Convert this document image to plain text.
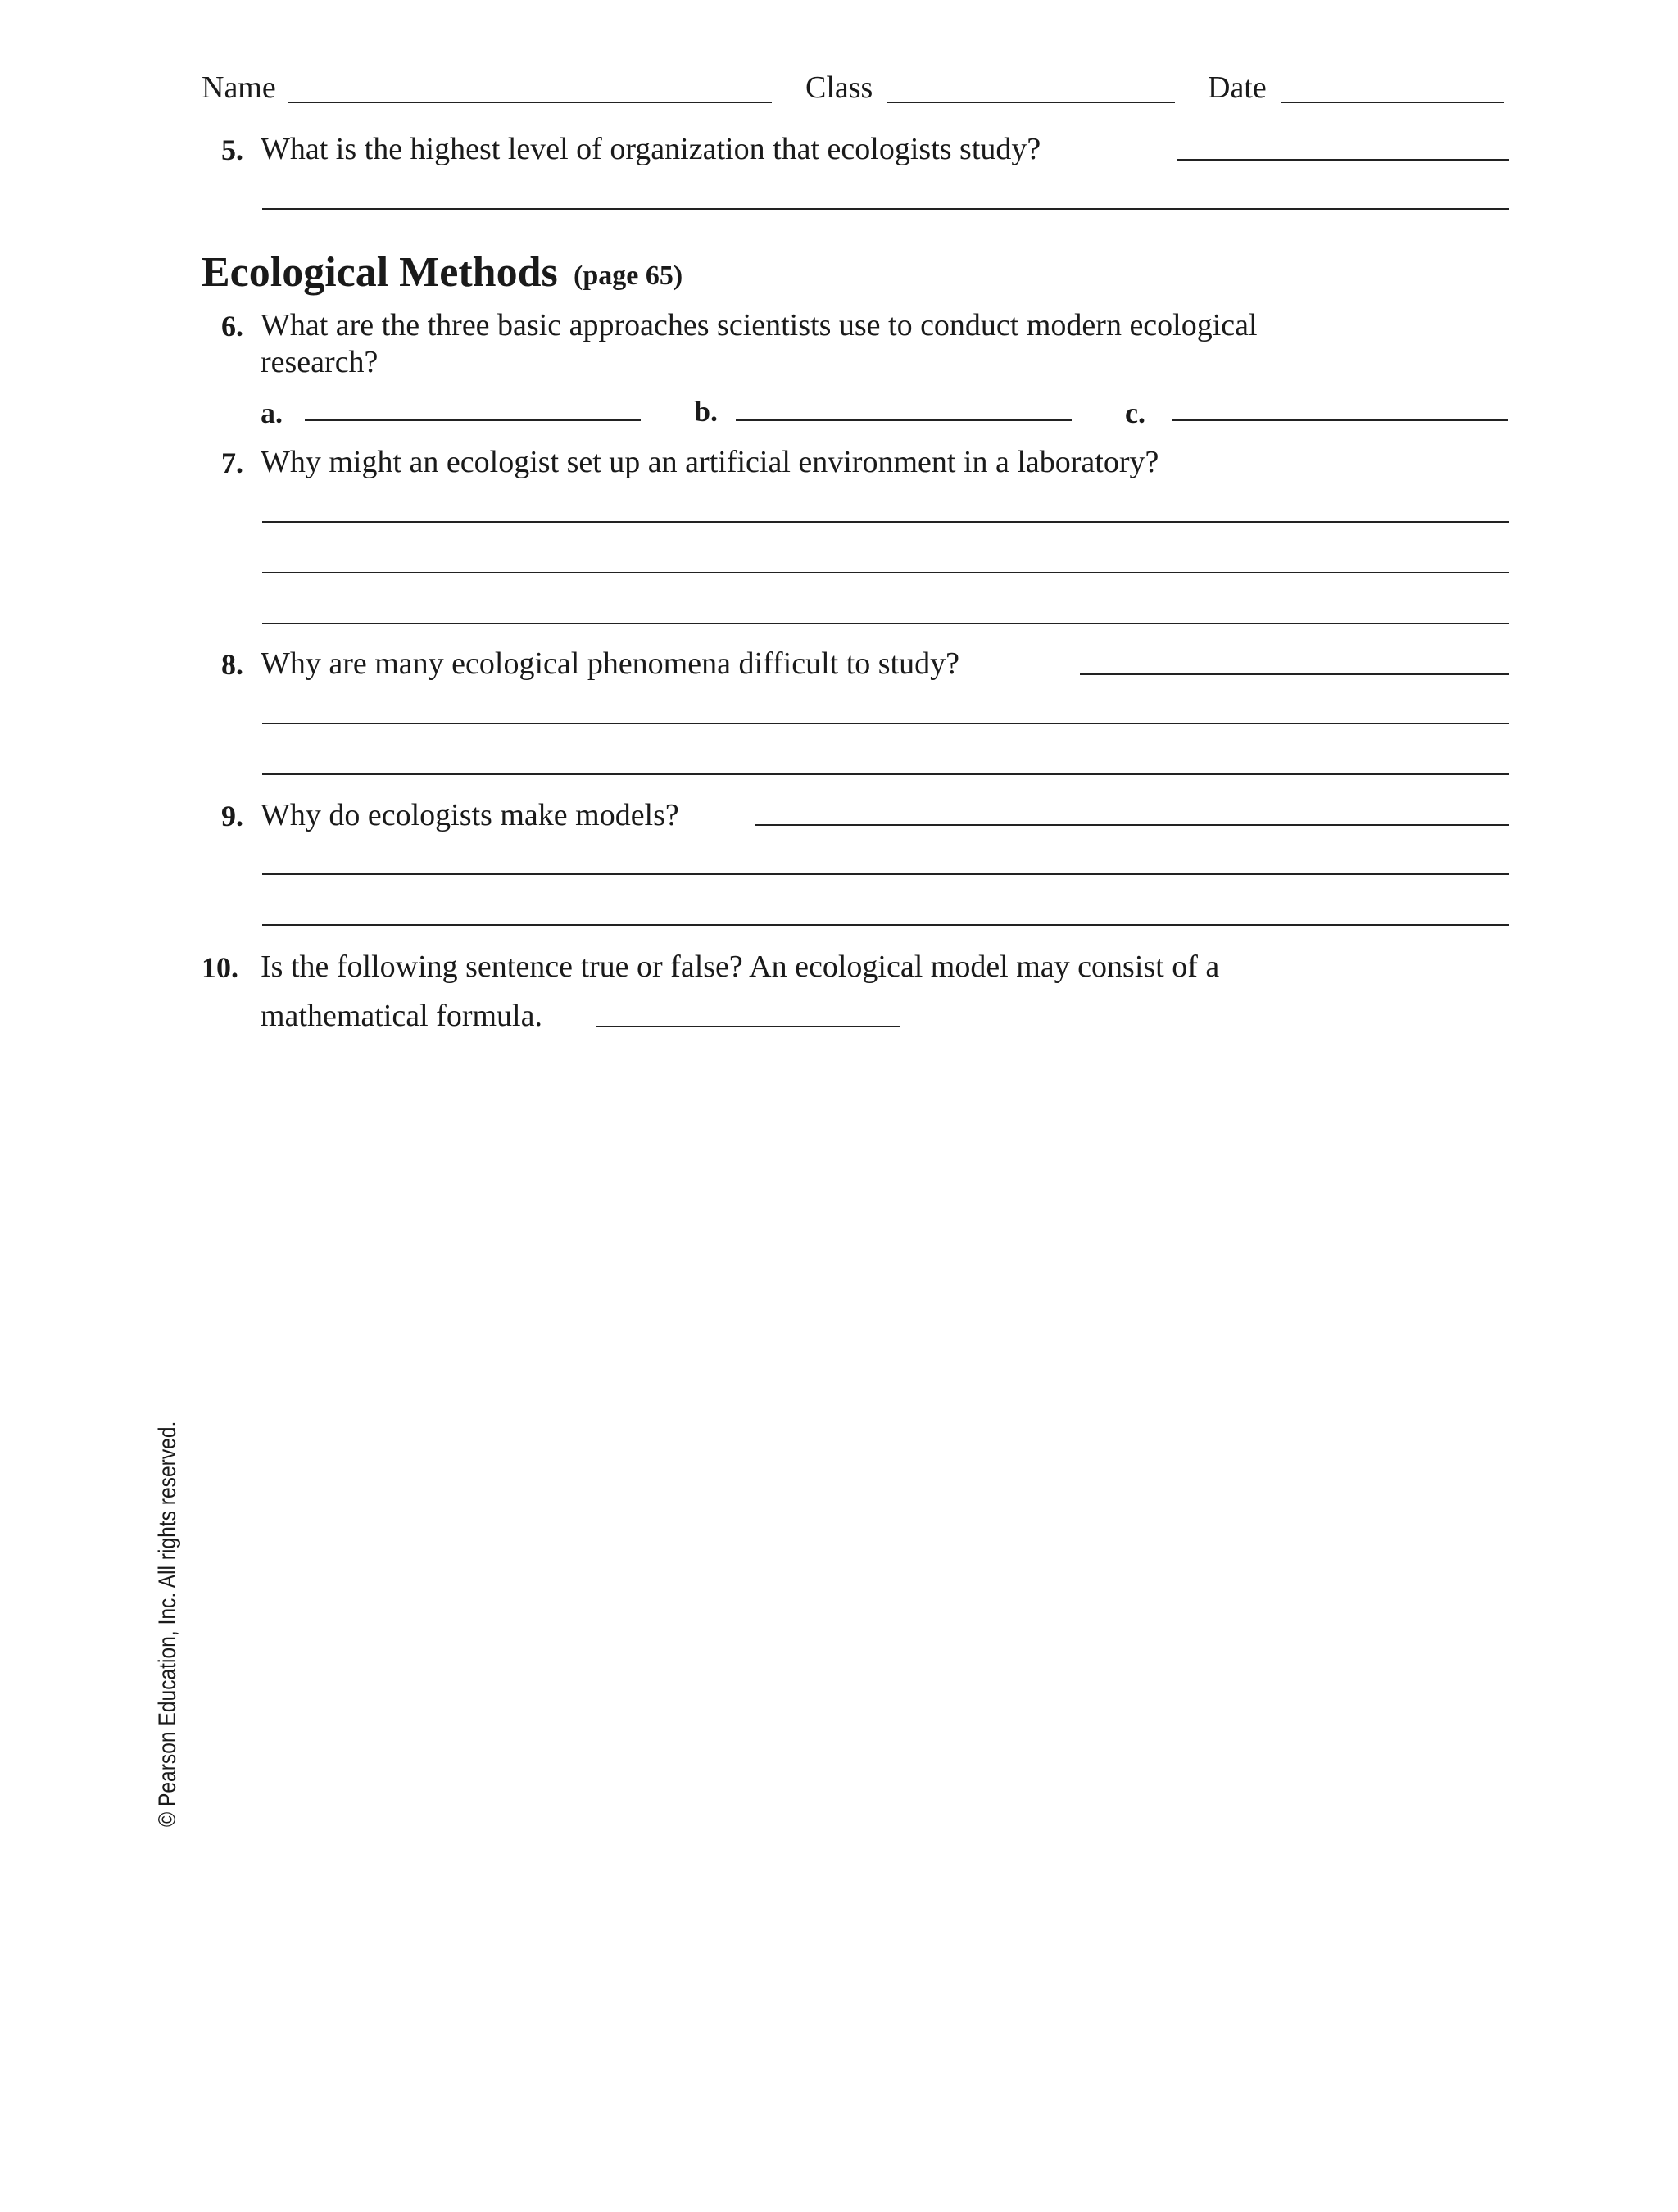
Name	Class	Date
5. What is the highest level of organization that ecologists study?
Ecological Methods (page 65)
6. What are the three basic approaches scientists use to conduct modern ecological
research?
a.	b.	c.
7. Why might an ecologist set up an artificial environment in a laboratory?
8. Why are many ecological phenomena difficult to study?
9. Why do ecologists make models?
10. Is the following sentence true or false? An ecological model may consist of a
mathematical formula.
© Pearson Education, Inc. All rights reserved.
